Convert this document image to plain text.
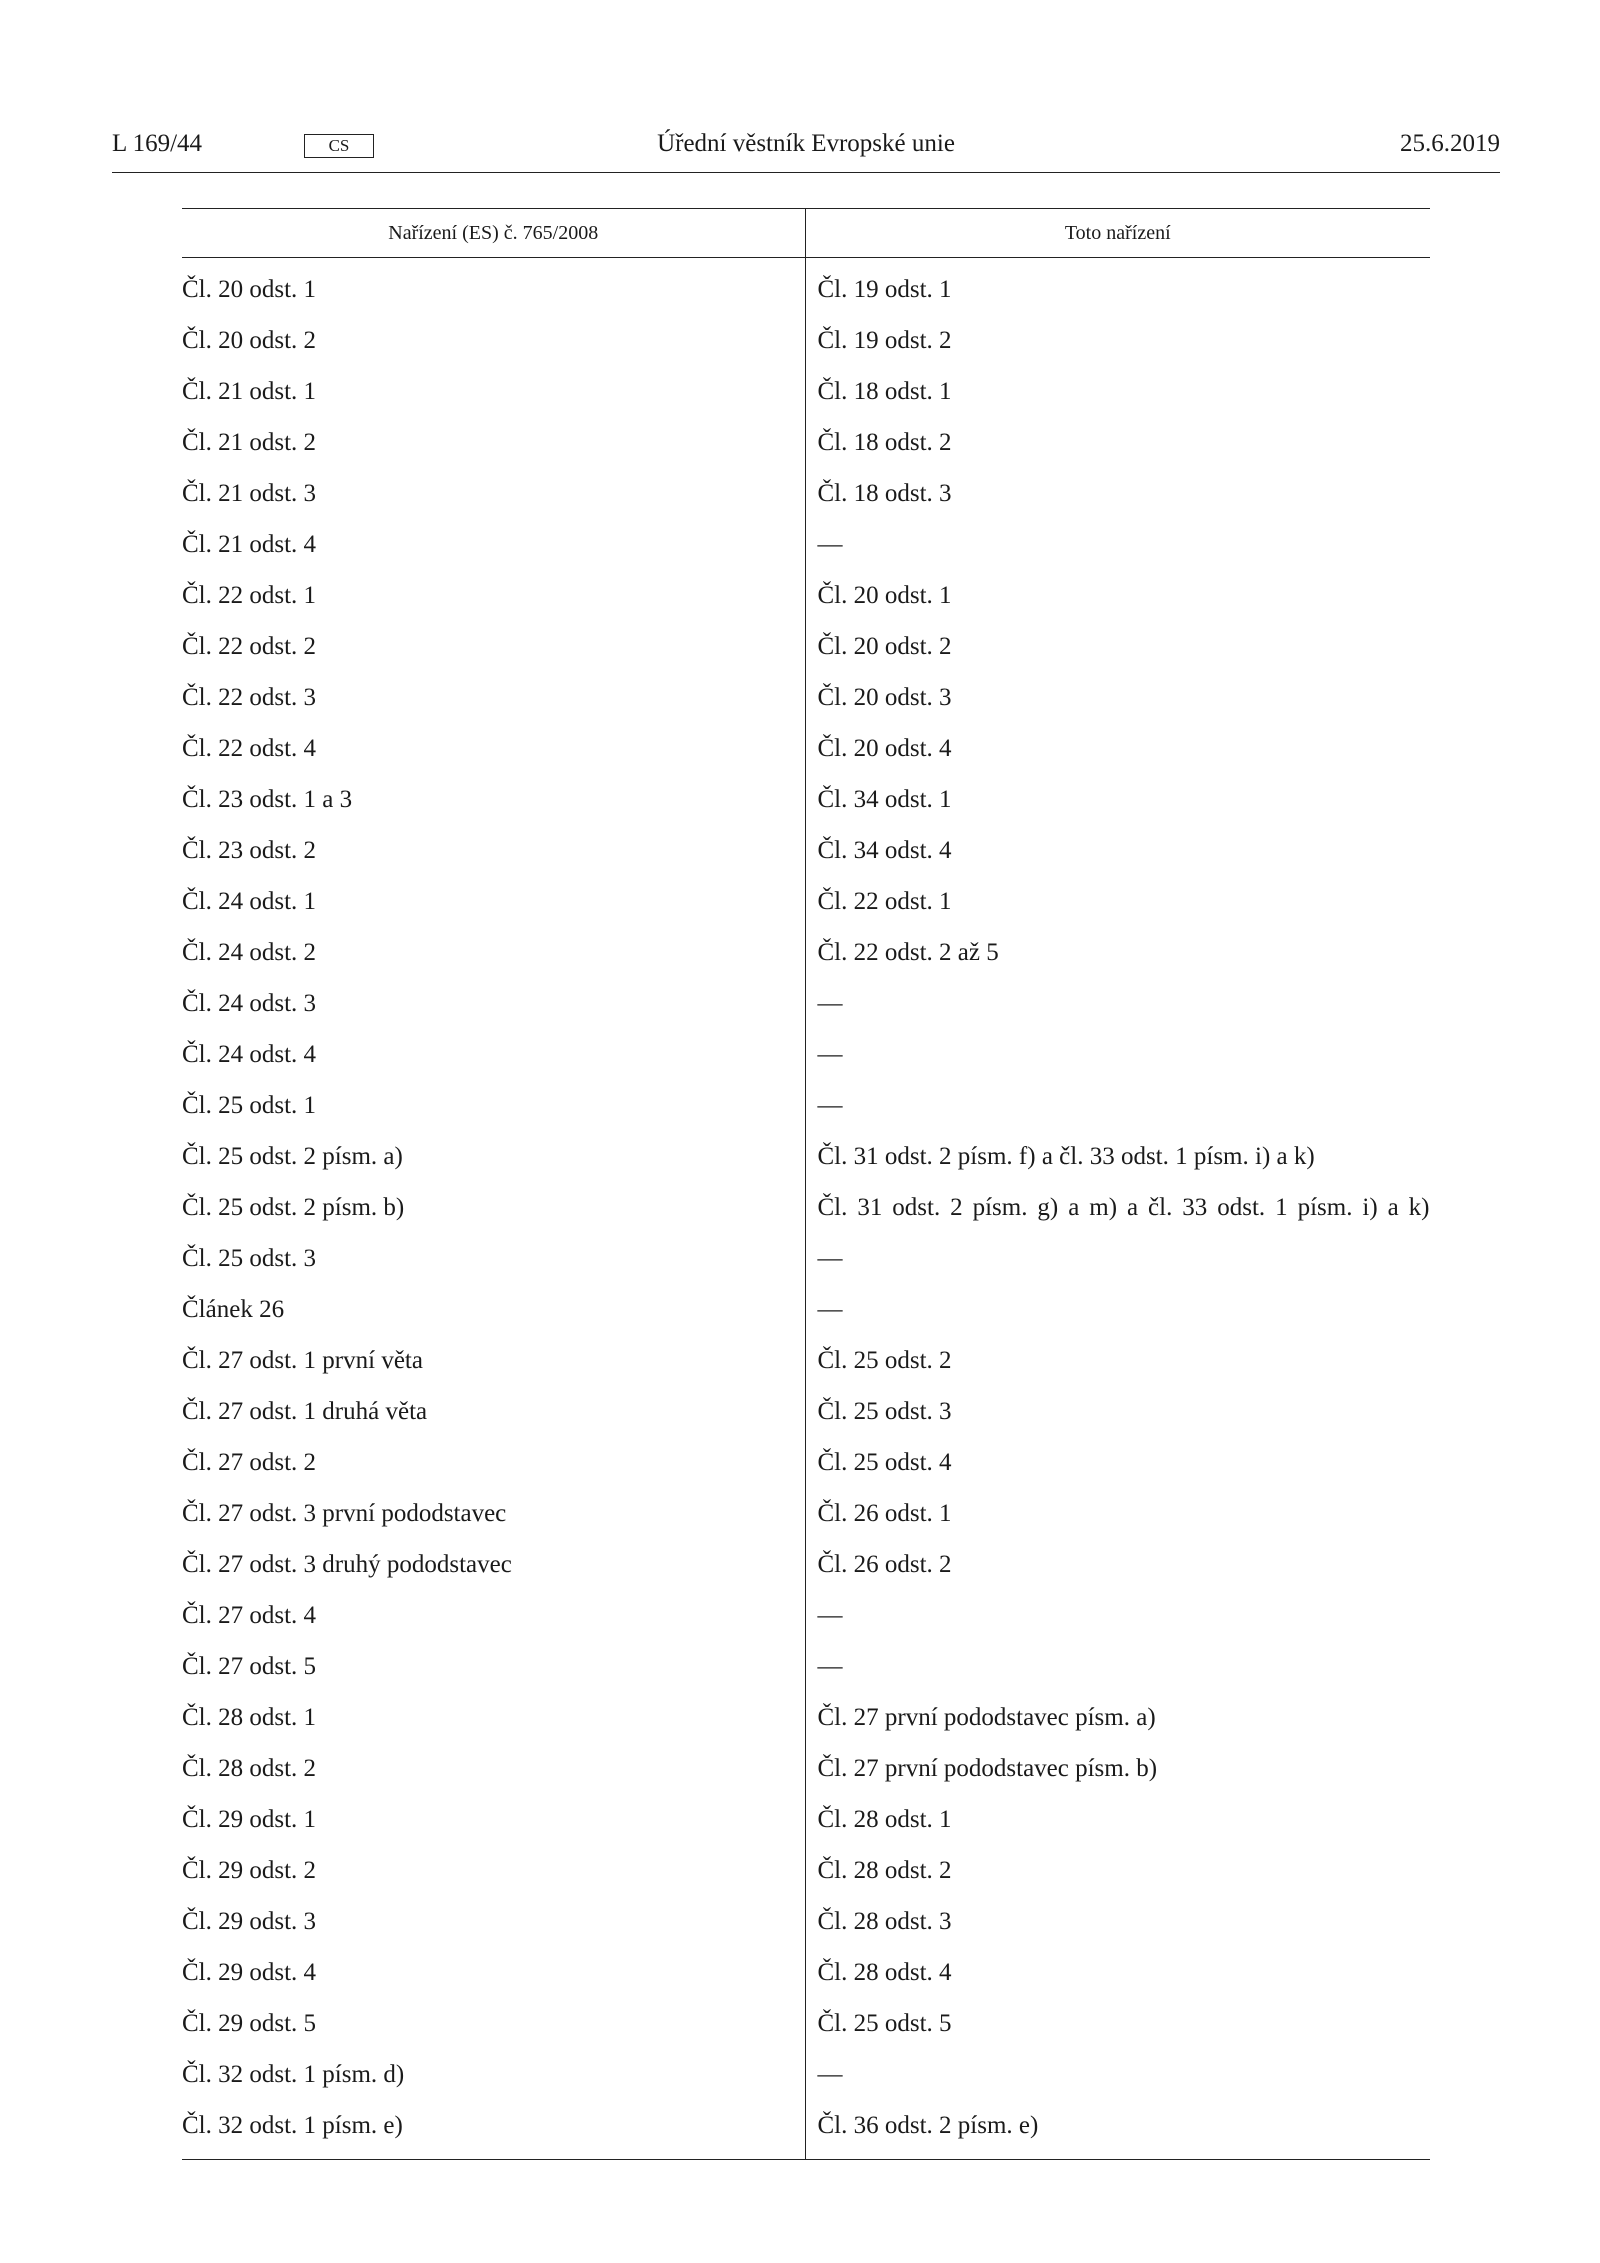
L 169/44	CS	Úřední věstník Evropské unie	25.6.2019
Nařízení (ES) č. 765/2008	Toto nařízení
Čl. 20 odst. 1	Čl. 19 odst. 1
Čl. 20 odst. 2	Čl. 19 odst. 2
Čl. 21 odst. 1	Čl. 18 odst. 1
Čl. 21 odst. 2	Čl. 18 odst. 2
Čl. 21 odst. 3	Čl. 18 odst. 3
Čl. 21 odst. 4	—
Čl. 22 odst. 1	Čl. 20 odst. 1
Čl. 22 odst. 2	Čl. 20 odst. 2
Čl. 22 odst. 3	Čl. 20 odst. 3
Čl. 22 odst. 4	Čl. 20 odst. 4
Čl. 23 odst. 1 a 3	Čl. 34 odst. 1
Čl. 23 odst. 2	Čl. 34 odst. 4
Čl. 24 odst. 1	Čl. 22 odst. 1
Čl. 24 odst. 2	Čl. 22 odst. 2 až 5
Čl. 24 odst. 3	—
Čl. 24 odst. 4	—
Čl. 25 odst. 1	—
Čl. 25 odst. 2 písm. a)	Čl. 31 odst. 2 písm. f) a čl. 33 odst. 1 písm. i) a k)
Čl. 25 odst. 2 písm. b)	Čl. 31 odst. 2 písm. g) a m) a čl. 33 odst. 1 písm. i) a k)

Čl. 25 odst. 3	—
Článek 26	—
Čl. 27 odst. 1 první věta	Čl. 25 odst. 2
Čl. 27 odst. 1 druhá věta	Čl. 25 odst. 3
Čl. 27 odst. 2	Čl. 25 odst. 4
Čl. 27 odst. 3 první pododstavec	Čl. 26 odst. 1
Čl. 27 odst. 3 druhý pododstavec	Čl. 26 odst. 2
Čl. 27 odst. 4	—
Čl. 27 odst. 5	—
Čl. 28 odst. 1	Čl. 27 první pododstavec písm. a)
Čl. 28 odst. 2	Čl. 27 první pododstavec písm. b)
Čl. 29 odst. 1	Čl. 28 odst. 1
Čl. 29 odst. 2	Čl. 28 odst. 2
Čl. 29 odst. 3	Čl. 28 odst. 3
Čl. 29 odst. 4	Čl. 28 odst. 4
Čl. 29 odst. 5	Čl. 25 odst. 5
Čl. 32 odst. 1 písm. d)	—
Čl. 32 odst. 1 písm. e)	Čl. 36 odst. 2 písm. e)
